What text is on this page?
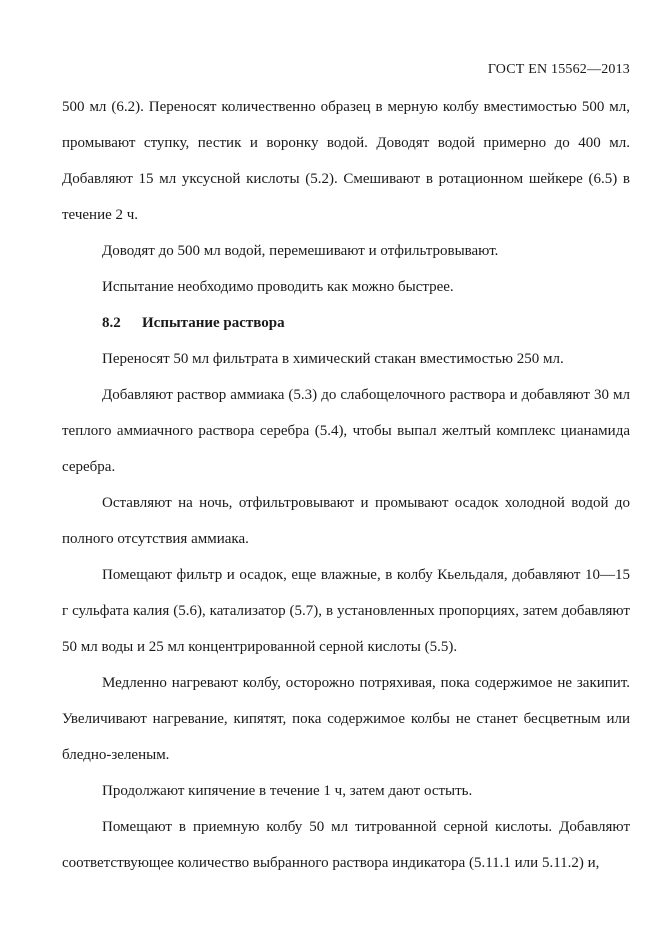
ГОСТ EN 15562—2013

500 мл (6.2). Переносят количественно образец в мерную колбу вместимостью 500 мл, промывают ступку, пестик и воронку водой. Доводят водой примерно до 400 мл. Добавляют 15 мл уксусной кислоты (5.2). Смешивают в ротационном шейкере (6.5) в течение 2 ч.

Доводят до 500 мл водой, перемешивают и отфильтровывают.

Испытание необходимо проводить как можно быстрее.

8.2 Испытание раствора

Переносят 50 мл фильтрата в химический стакан вместимостью 250 мл.

Добавляют раствор аммиака (5.3) до слабощелочного раствора и добавляют 30 мл теплого аммиачного раствора серебра (5.4), чтобы выпал желтый комплекс цианамида серебра.

Оставляют на ночь, отфильтровывают и промывают осадок холодной водой до полного отсутствия аммиака.

Помещают фильтр и осадок, еще влажные, в колбу Кьельдаля, добавляют 10—15 г сульфата калия (5.6), катализатор (5.7), в установленных пропорциях, затем добавляют 50 мл воды и 25 мл концентрированной серной кислоты (5.5).

Медленно нагревают колбу, осторожно потряхивая, пока содержимое не закипит. Увеличивают нагревание, кипятят, пока содержимое колбы не станет бесцветным или бледно-зеленым.

Продолжают кипячение в течение 1 ч, затем дают остыть.

Помещают в приемную колбу 50 мл титрованной серной кислоты. Добавляют соответствующее количество выбранного раствора индикатора (5.11.1 или 5.11.2) и,
